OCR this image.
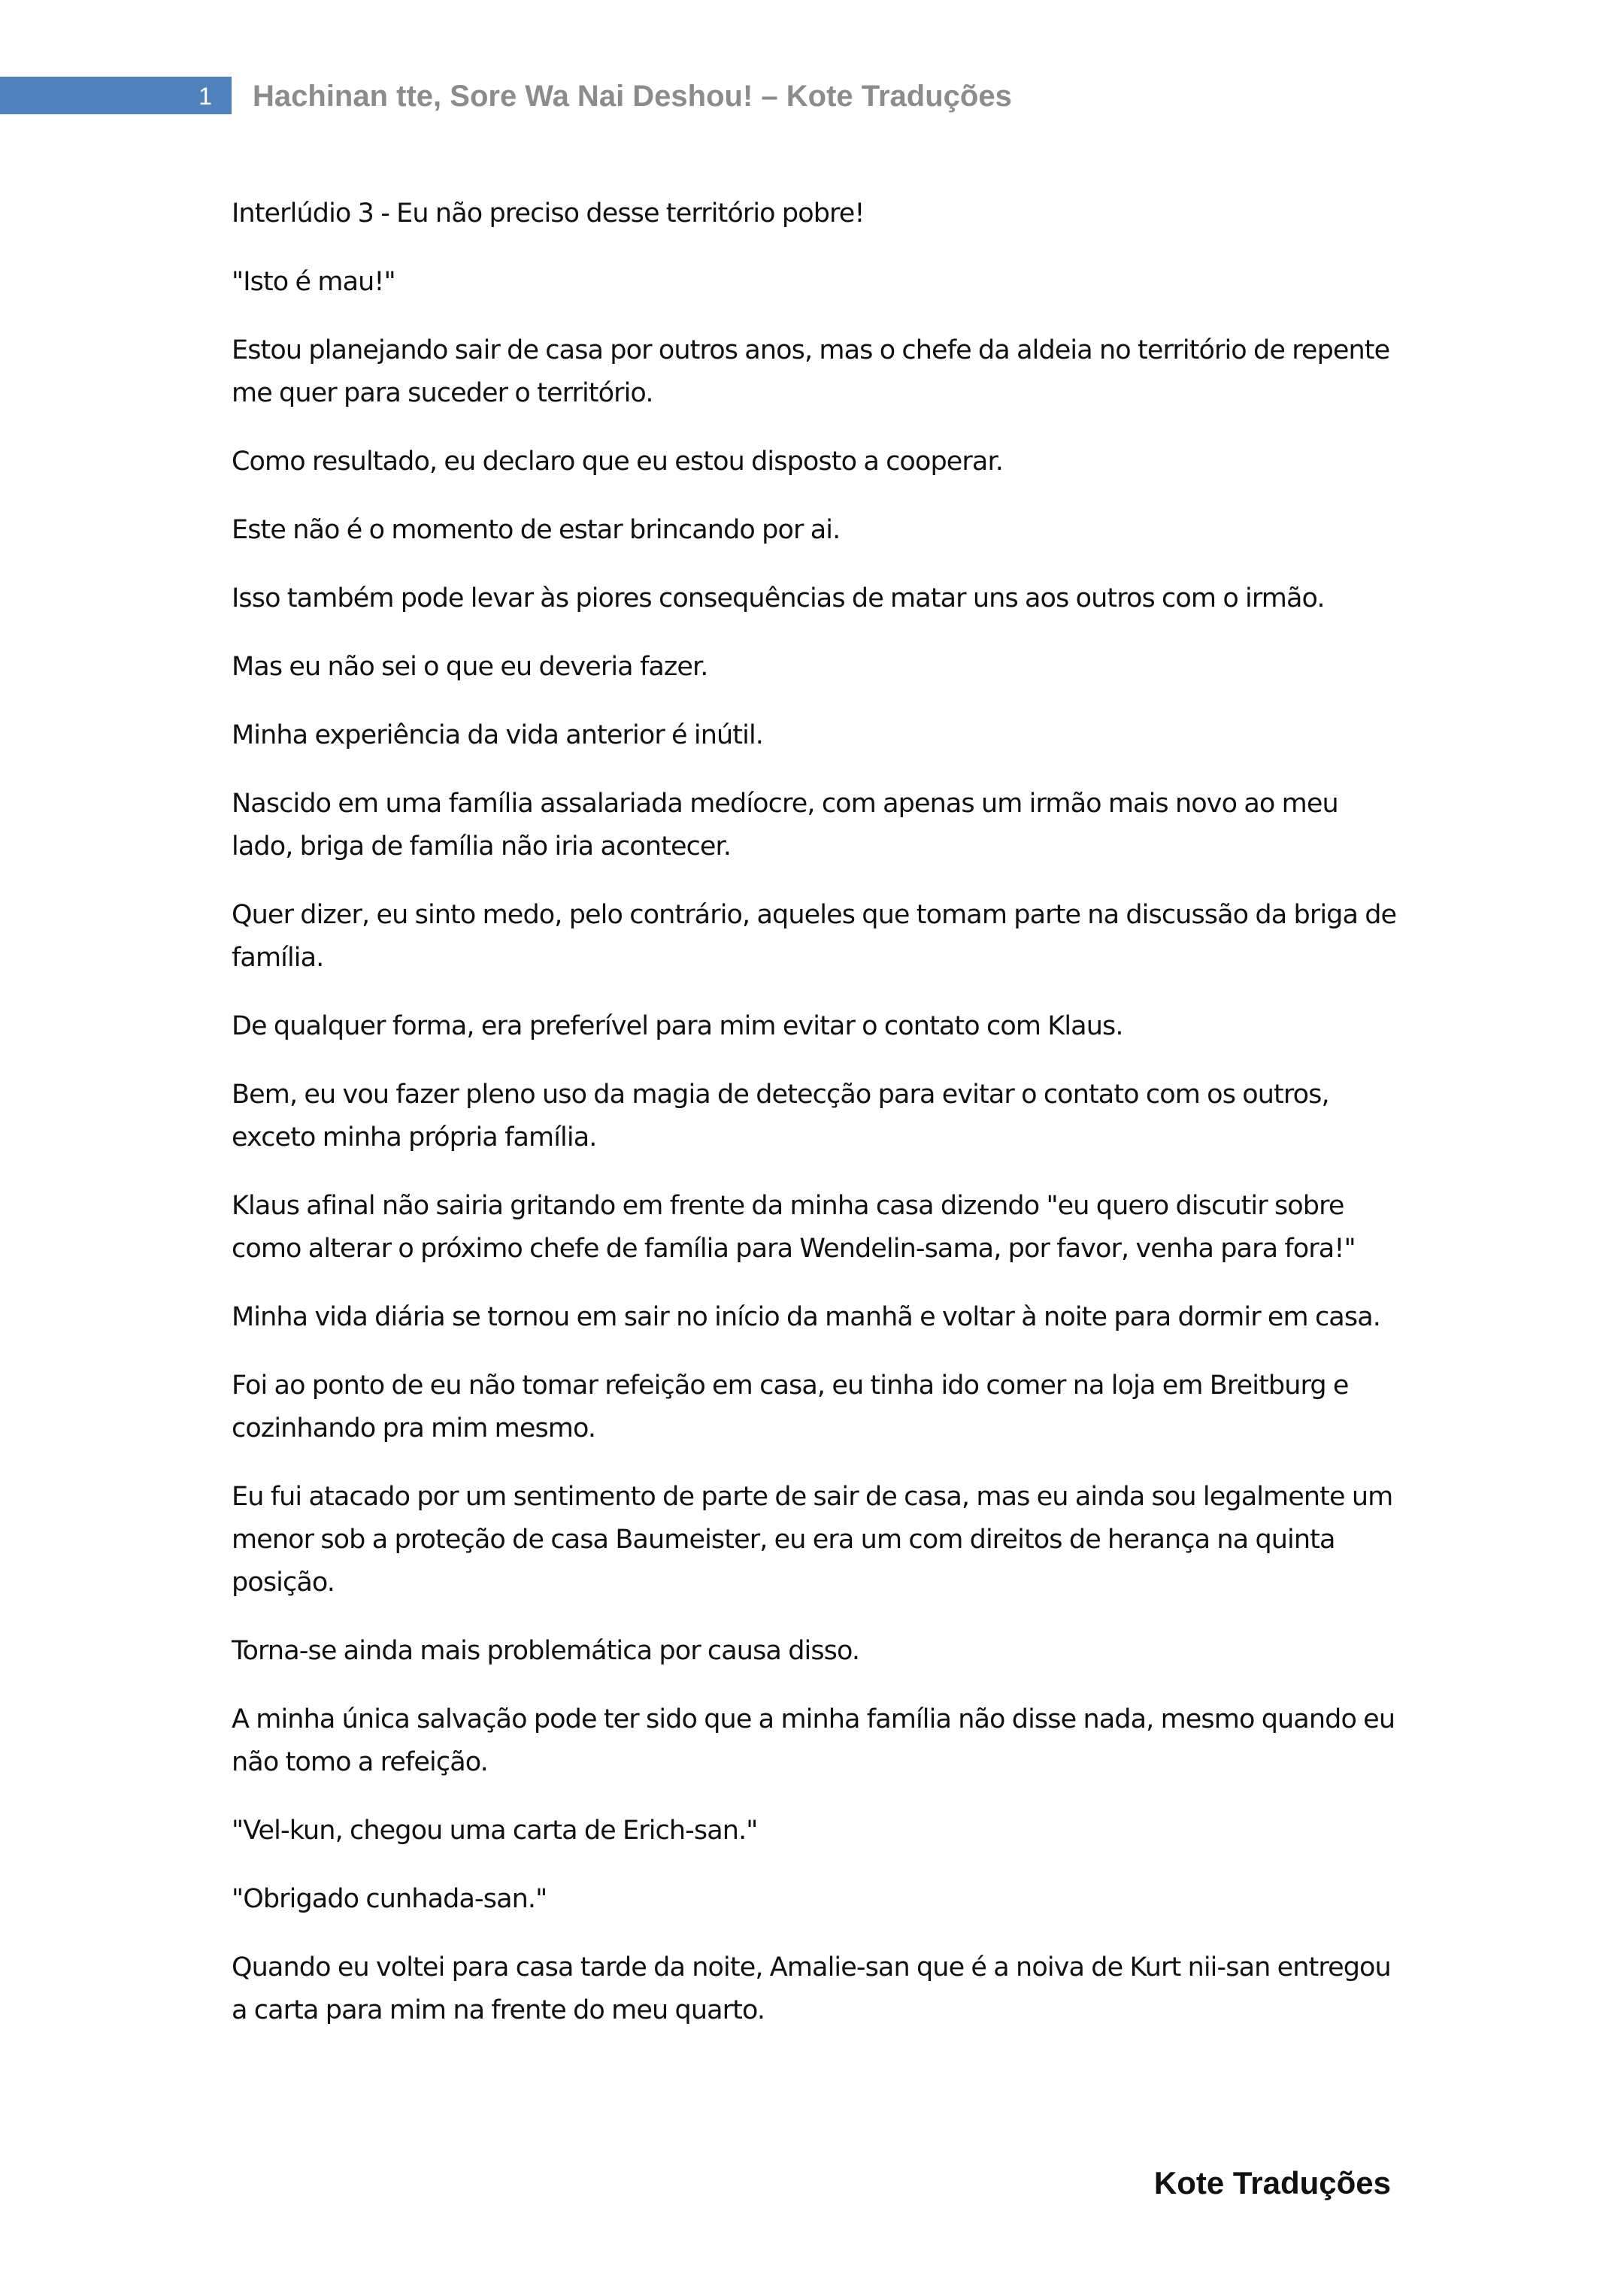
1 Hachinan tte, Sore Wa Nai Deshou! – Kote Traduções

Interlúdio 3 - Eu não preciso desse território pobre!

"Isto é mau!"

Estou planejando sair de casa por outros anos, mas o chefe da aldeia no território de repente me quer para suceder o território.

Como resultado, eu declaro que eu estou disposto a cooperar.

Este não é o momento de estar brincando por ai.

Isso também pode levar às piores consequências de matar uns aos outros com o irmão.

Mas eu não sei o que eu deveria fazer.

Minha experiência da vida anterior é inútil.

Nascido em uma família assalariada medíocre, com apenas um irmão mais novo ao meu lado, briga de família não iria acontecer.

Quer dizer, eu sinto medo, pelo contrário, aqueles que tomam parte na discussão da briga de família.

De qualquer forma, era preferível para mim evitar o contato com Klaus.

Bem, eu vou fazer pleno uso da magia de detecção para evitar o contato com os outros, exceto minha própria família.

Klaus afinal não sairia gritando em frente da minha casa dizendo "eu quero discutir sobre como alterar o próximo chefe de família para Wendelin-sama, por favor, venha para fora!"

Minha vida diária se tornou em sair no início da manhã e voltar à noite para dormir em casa.

Foi ao ponto de eu não tomar refeição em casa, eu tinha ido comer na loja em Breitburg e cozinhando pra mim mesmo.

Eu fui atacado por um sentimento de parte de sair de casa, mas eu ainda sou legalmente um menor sob a proteção de casa Baumeister, eu era um com direitos de herança na quinta posição.

Torna-se ainda mais problemática por causa disso.

A minha única salvação pode ter sido que a minha família não disse nada, mesmo quando eu não tomo a refeição.

"Vel-kun, chegou uma carta de Erich-san."

"Obrigado cunhada-san."

Quando eu voltei para casa tarde da noite, Amalie-san que é a noiva de Kurt nii-san entregou a carta para mim na frente do meu quarto.

Kote Traduções
